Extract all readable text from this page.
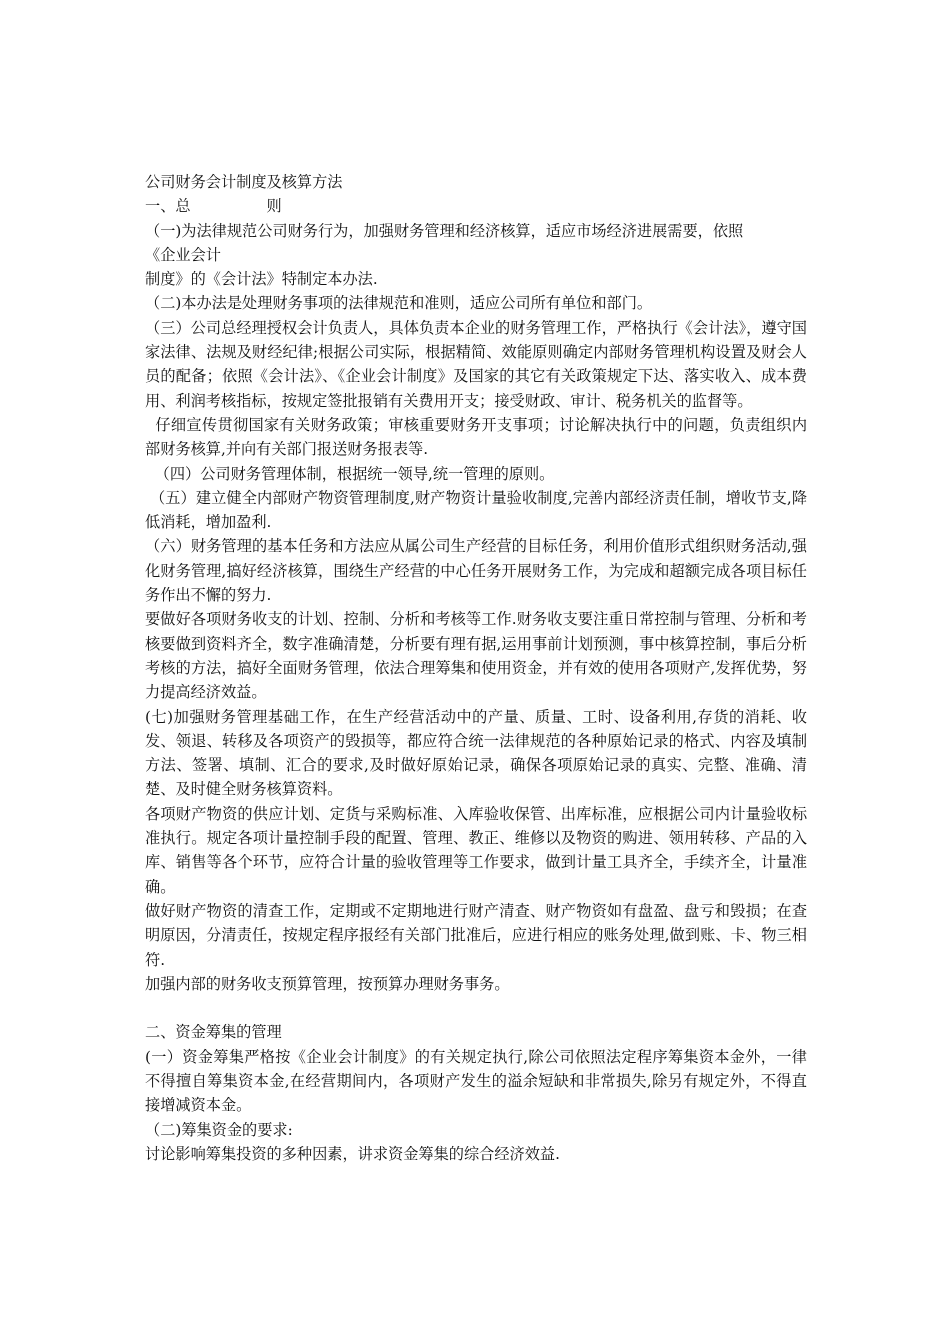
公司财务会计制度及核算方法
一、总　　　　　则
（一)为法律规范公司财务行为，加强财务管理和经济核算，适应市场经济进展需要，依照
《企业会计
制度》的《会计法》特制定本办法.
（二)本办法是处理财务事项的法律规范和准则，适应公司所有单位和部门。
（三）公司总经理授权会计负责人，具体负责本企业的财务管理工作，严格执行《会计法》，遵守国家法律、法规及财经纪律;根据公司实际，根据精简、效能原则确定内部财务管理机构设置及财会人员的配备；依照《会计法》、《企业会计制度》及国家的其它有关政策规定下达、落实收入、成本费用、利润考核指标，按规定签批报销有关费用开支；接受财政、审计、税务机关的监督等。
仔细宣传贯彻国家有关财务政策；审核重要财务开支事项；讨论解决执行中的问题，负责组织内部财务核算,并向有关部门报送财务报表等.
（四）公司财务管理体制，根据统一领导,统一管理的原则。
（五）建立健全内部财产物资管理制度,财产物资计量验收制度,完善内部经济责任制，增收节支,降低消耗，增加盈利.
（六）财务管理的基本任务和方法应从属公司生产经营的目标任务，利用价值形式组织财务活动,强化财务管理,搞好经济核算，围绕生产经营的中心任务开展财务工作，为完成和超额完成各项目标任务作出不懈的努力.
要做好各项财务收支的计划、控制、分析和考核等工作.财务收支要注重日常控制与管理、分析和考核要做到资料齐全，数字准确清楚，分析要有理有据,运用事前计划预测，事中核算控制，事后分析考核的方法，搞好全面财务管理，依法合理筹集和使用资金，并有效的使用各项财产,发挥优势，努力提高经济效益。
(七)加强财务管理基础工作，在生产经营活动中的产量、质量、工时、设备利用,存货的消耗、收发、领退、转移及各项资产的毁损等，都应符合统一法律规范的各种原始记录的格式、内容及填制方法、签署、填制、汇合的要求,及时做好原始记录，确保各项原始记录的真实、完整、准确、清楚、及时健全财务核算资料。
各项财产物资的供应计划、定货与采购标准、入库验收保管、出库标准，应根据公司内计量验收标准执行。规定各项计量控制手段的配置、管理、教正、维修以及物资的购进、领用转移、产品的入库、销售等各个环节，应符合计量的验收管理等工作要求，做到计量工具齐全，手续齐全，计量准确。
做好财产物资的清查工作，定期或不定期地进行财产清查、财产物资如有盘盈、盘亏和毁损；在查明原因，分清责任，按规定程序报经有关部门批准后，应进行相应的账务处理,做到账、卡、物三相符.
加强内部的财务收支预算管理，按预算办理财务事务。
二、资金筹集的管理
(一）资金筹集严格按《企业会计制度》的有关规定执行,除公司依照法定程序筹集资本金外，一律不得擅自筹集资本金,在经营期间内，各项财产发生的溢余短缺和非常损失,除另有规定外，不得直接增减资本金。
（二)筹集资金的要求:
讨论影响筹集投资的多种因素，讲求资金筹集的综合经济效益.
